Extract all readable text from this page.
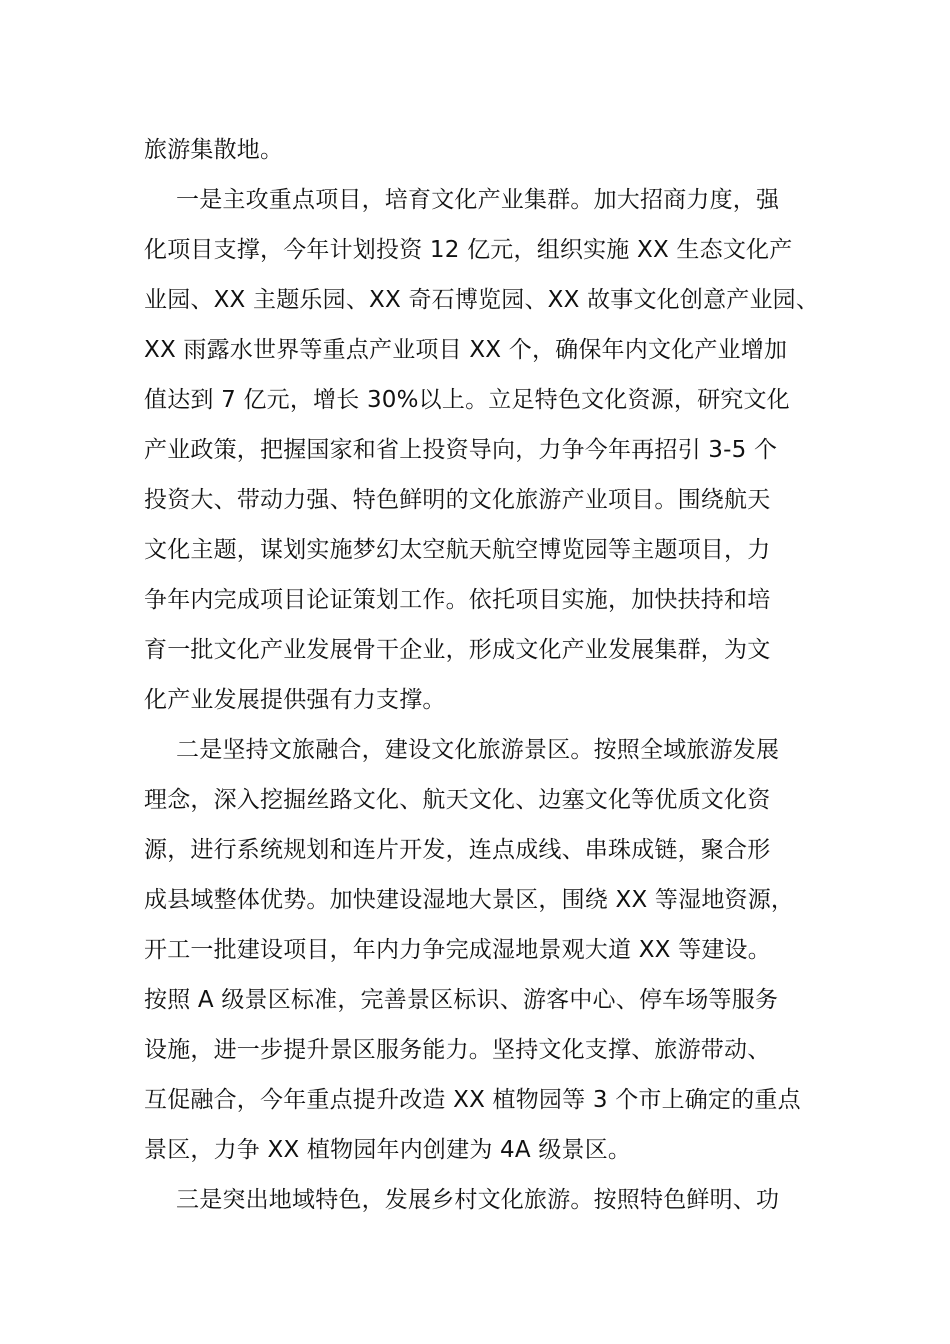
旅游集散地。
一是主攻重点项目，培育文化产业集群。加大招商力度，强
化项目支撑，今年计划投资 12 亿元，组织实施 XX 生态文化产
业园、XX 主题乐园、XX 奇石博览园、XX 故事文化创意产业园、
XX 雨露水世界等重点产业项目 XX 个，确保年内文化产业增加
值达到 7 亿元，增长 30%以上。立足特色文化资源，研究文化
产业政策，把握国家和省上投资导向，力争今年再招引 3-5 个
投资大、带动力强、特色鲜明的文化旅游产业项目。围绕航天
文化主题，谋划实施梦幻太空航天航空博览园等主题项目，力
争年内完成项目论证策划工作。依托项目实施，加快扶持和培
育一批文化产业发展骨干企业，形成文化产业发展集群，为文
化产业发展提供强有力支撑。
二是坚持文旅融合，建设文化旅游景区。按照全域旅游发展
理念，深入挖掘丝路文化、航天文化、边塞文化等优质文化资
源，进行系统规划和连片开发，连点成线、串珠成链，聚合形
成县域整体优势。加快建设湿地大景区，围绕 XX 等湿地资源，
开工一批建设项目，年内力争完成湿地景观大道 XX 等建设。
按照 A 级景区标准，完善景区标识、游客中心、停车场等服务
设施，进一步提升景区服务能力。坚持文化支撑、旅游带动、
互促融合，今年重点提升改造 XX 植物园等 3 个市上确定的重点
景区，力争 XX 植物园年内创建为 4A 级景区。
三是突出地域特色，发展乡村文化旅游。按照特色鲜明、功
